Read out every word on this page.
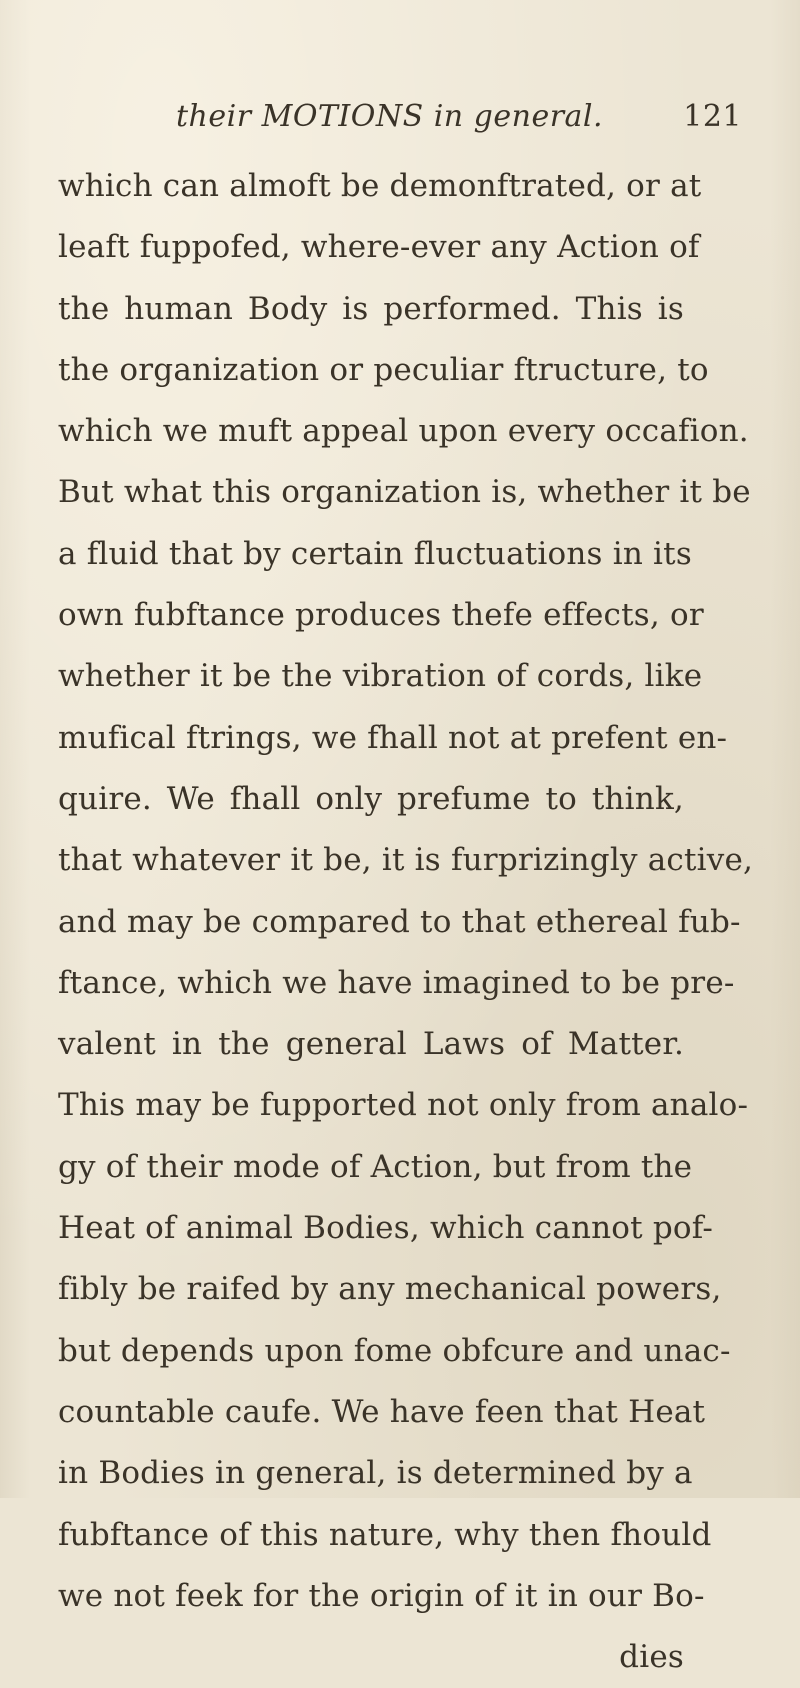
their MOTIONS in general.	121
which can almoft be demonftrated, or at
leaft fuppofed, where-ever any Action of
the human Body is performed. This is
the organization or peculiar ftructure, to
which we muft appeal upon every occafion.
But what this organization is, whether it be
a fluid that by certain fluctuations in its
own fubftance produces thefe effects, or
whether it be the vibration of cords, like
mufical ftrings, we fhall not at prefent en-
quire. We fhall only prefume to think,
that whatever it be, it is furprizingly active,
and may be compared to that ethereal fub-
ftance, which we have imagined to be pre-
valent in the general Laws of Matter.
This may be fupported not only from analo-
gy of their mode of Action, but from the
Heat of animal Bodies, which cannot pof-
fibly be raifed by any mechanical powers,
but depends upon fome obfcure and unac-
countable caufe. We have feen that Heat
in Bodies in general, is determined by a
fubftance of this nature, why then fhould
we not feek for the origin of it in our Bo-
dies
